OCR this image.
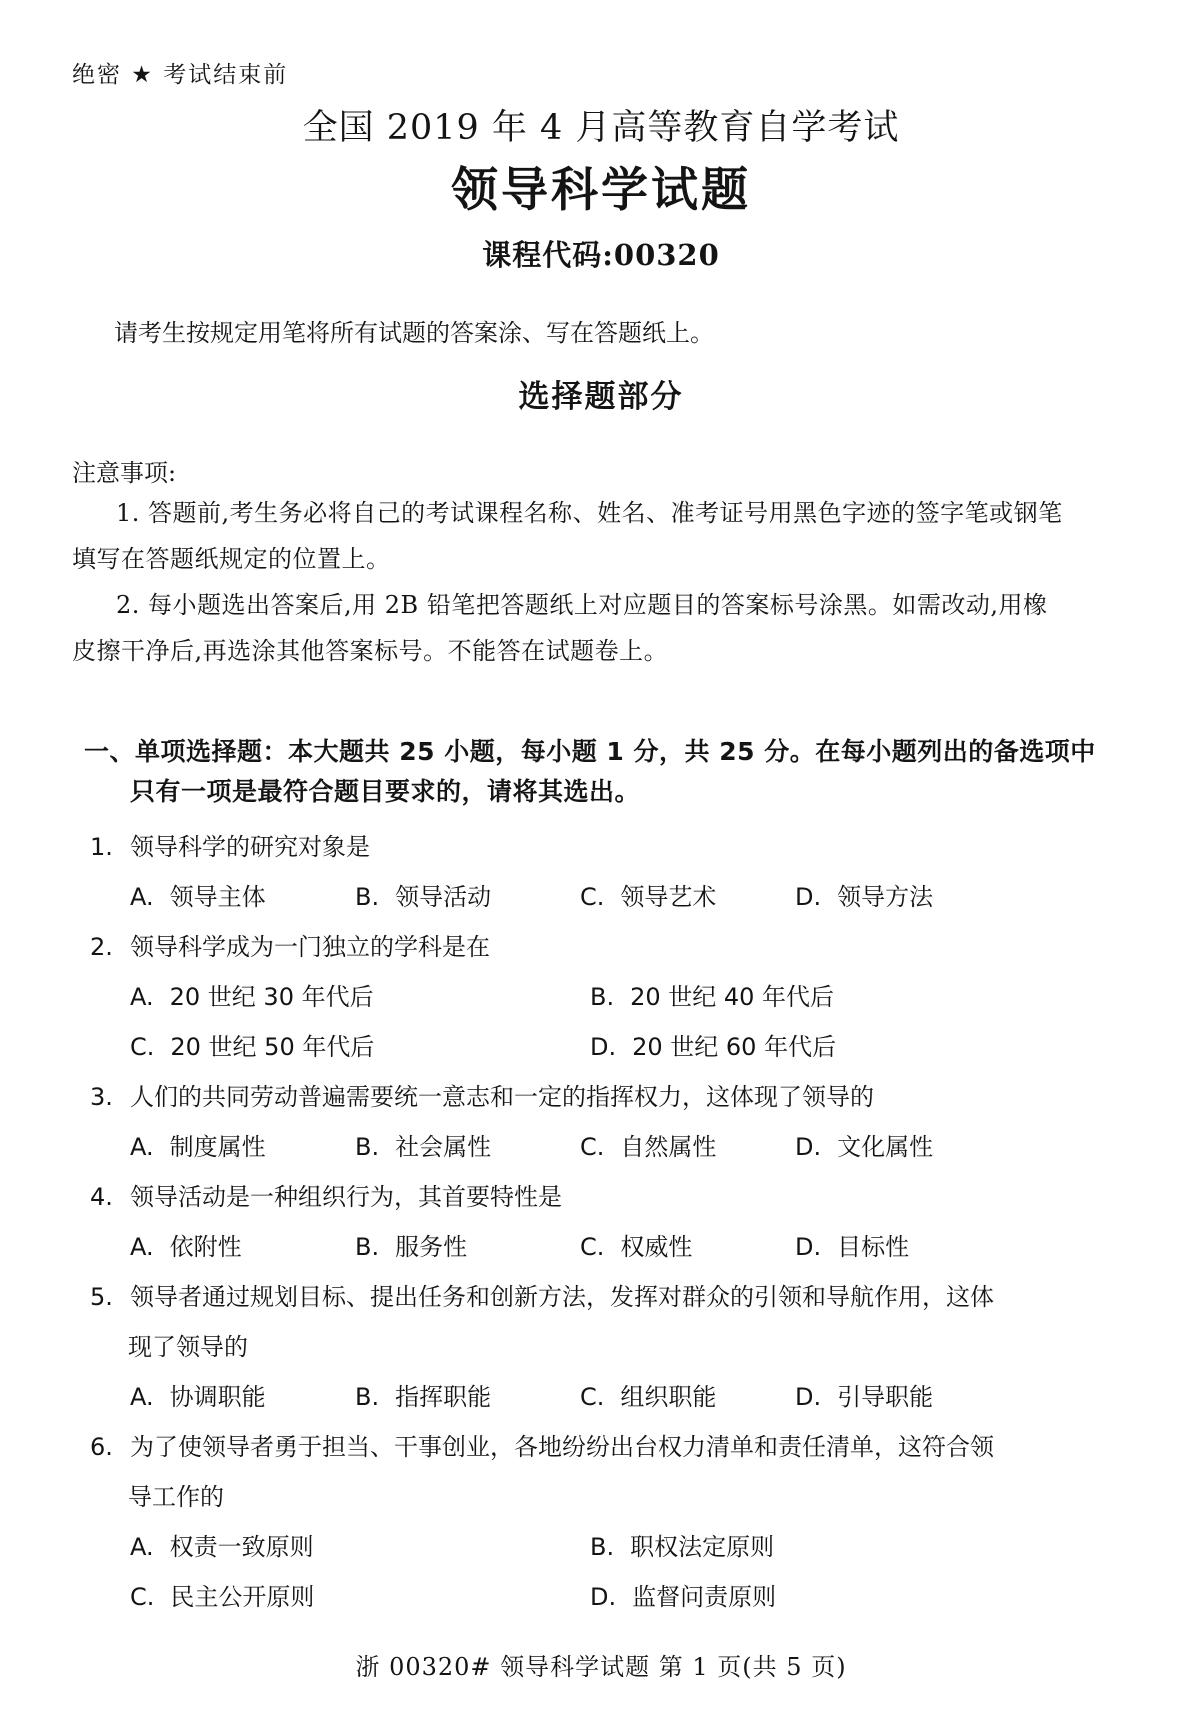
绝密 ★ 考试结束前
全国 2019 年 4 月高等教育自学考试
领导科学试题
课程代码:00320
请考生按规定用笔将所有试题的答案涂、写在答题纸上。
选择题部分
注意事项:
1. 答题前,考生务必将自己的考试课程名称、姓名、准考证号用黑色字迹的签字笔或钢笔
填写在答题纸规定的位置上。
2. 每小题选出答案后,用 2B 铅笔把答题纸上对应题目的答案标号涂黑。如需改动,用橡
皮擦干净后,再选涂其他答案标号。不能答在试题卷上。
一、单项选择题：本大题共 25 小题，每小题 1 分，共 25 分。在每小题列出的备选项中
只有一项是最符合题目要求的，请将其选出。
1. 领导科学的研究对象是
A. 领导主体	B. 领导活动	C. 领导艺术	D. 领导方法
2. 领导科学成为一门独立的学科是在
A. 20 世纪 30 年代后	B. 20 世纪 40 年代后
C. 20 世纪 50 年代后	D. 20 世纪 60 年代后
3. 人们的共同劳动普遍需要统一意志和一定的指挥权力，这体现了领导的
A. 制度属性	B. 社会属性	C. 自然属性	D. 文化属性
4. 领导活动是一种组织行为，其首要特性是
A. 依附性	B. 服务性	C. 权威性	D. 目标性
5. 领导者通过规划目标、提出任务和创新方法，发挥对群众的引领和导航作用，这体
现了领导的
A. 协调职能	B. 指挥职能	C. 组织职能	D. 引导职能
6. 为了使领导者勇于担当、干事创业，各地纷纷出台权力清单和责任清单，这符合领
导工作的
A. 权责一致原则	B. 职权法定原则
C. 民主公开原则	D. 监督问责原则
浙 00320# 领导科学试题 第 1 页(共 5 页)
